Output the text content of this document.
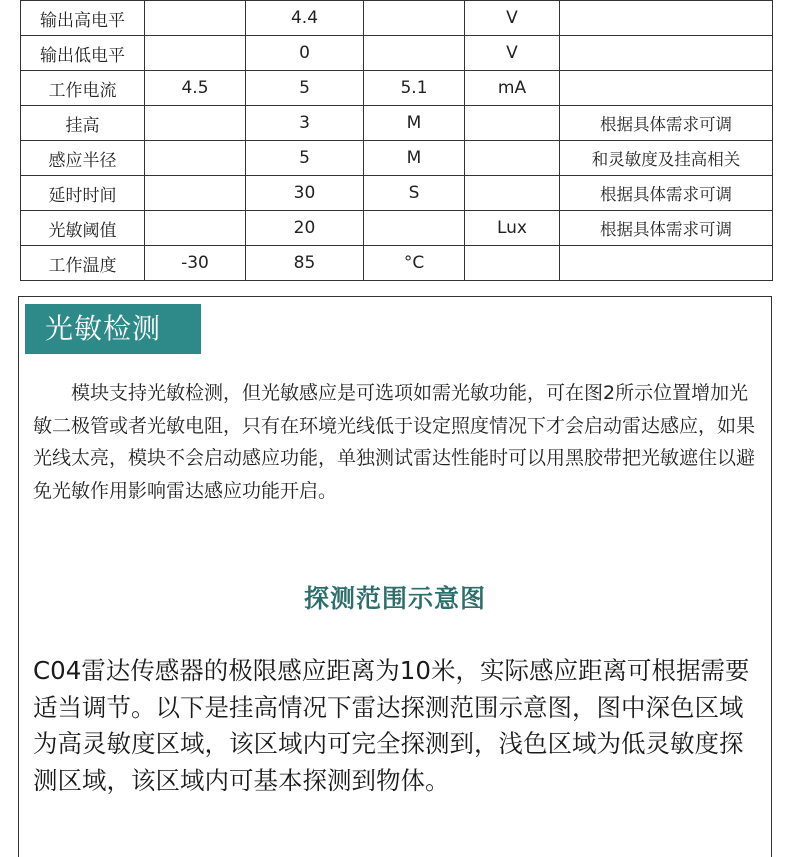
输出高电平		4.4		V	
输出低电平		0		V	
工作电流	4.5	5	5.1	mA	
挂高		3	M		根据具体需求可调
感应半径		5	M		和灵敏度及挂高相关
延时时间		30	S		根据具体需求可调
光敏阈值		20		Lux	根据具体需求可调
工作温度	-30	85	°C		
光敏检测

　　模块支持光敏检测，但光敏感应是可选项如需光敏功能，可在图2所示位置增加光敏二极管或者光敏电阻，只有在环境光线低于设定照度情况下才会启动雷达感应，如果光线太亮，模块不会启动感应功能，单独测试雷达性能时可以用黑胶带把光敏遮住以避免光敏作用影响雷达感应功能开启。

探测范围示意图

C04雷达传感器的极限感应距离为10米，实际感应距离可根据需要适当调节。以下是挂高情况下雷达探测范围示意图，图中深色区域为高灵敏度区域，该区域内可完全探测到，浅色区域为低灵敏度探测区域，该区域内可基本探测到物体。
